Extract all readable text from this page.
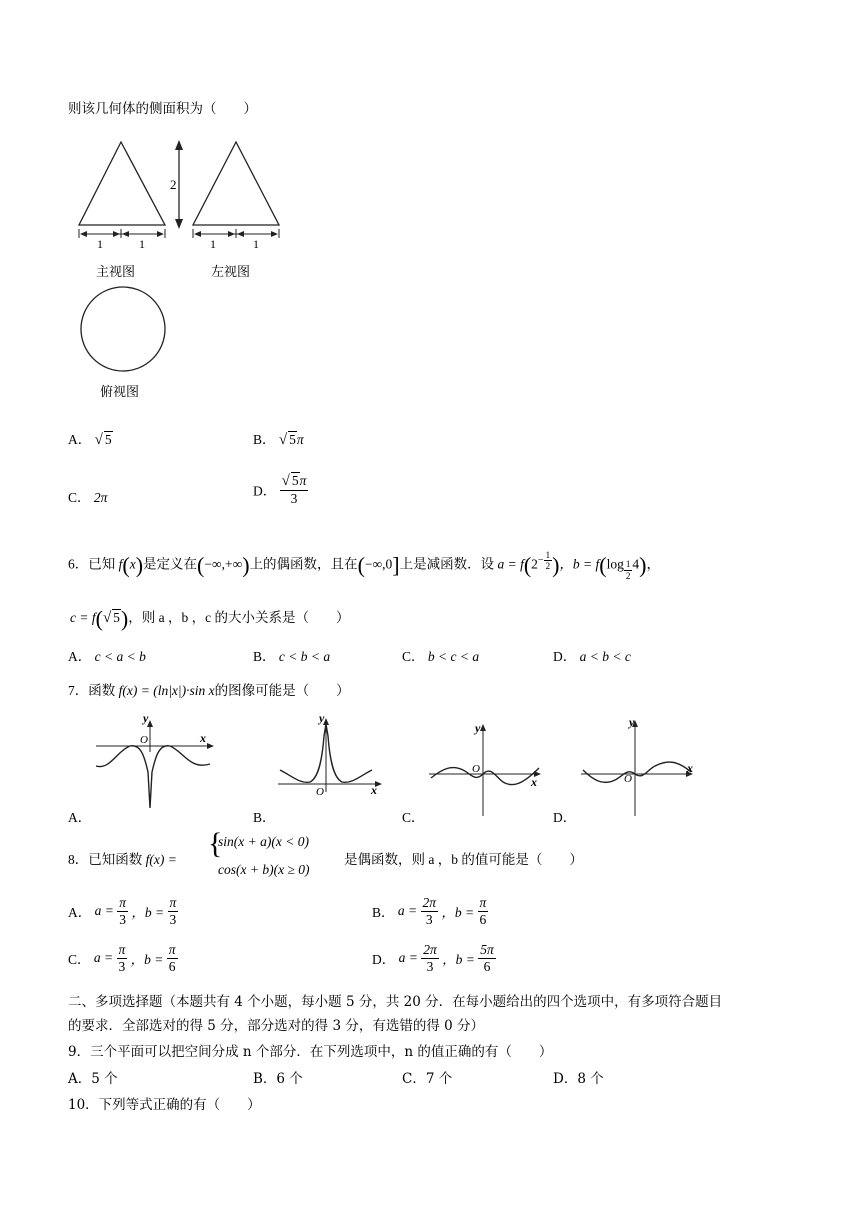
则该几何体的侧面积为（　　）
2
1	1	1	1
主视图	左视图
俯视图
A． √ 5	B． √ 5π
C． 2π	D． $\frac{√ 5\pi}{3}$
6．已知 f(x)是定义在(−∞,+∞)上的偶函数，且在(−∞,0]上是减函数．设 $a = f(2^{- \frac{1}{2}}$ )，b = f(log $_{\frac{1}{2}}$ 4)，
c = f(√ 5)，则 a ，b ，c 的大小关系是（　　）
A． c < a < b	B． c < b < a	C． b < c < a	D． a < b < c
7．函数 f(x) = (ln|x|)·sin x的图像可能是（　　）
y
O	x
y
O	x
y
O
x
y
O
x
A．	B．	C．	D．
8．已知函数 f(x) = {
sin(x + a)(x < 0)
cos(x + b)(x ≥ 0)
是偶函数，则 a ，b 的值可能是（　　）
A． $a = \frac{\pi}{3}$ ，$b = \frac{\pi}{3}$	B． $a = \frac{2\pi}{3}$ ，$b = \frac{\pi}{6}$
C． $a = \frac{\pi}{3}$ ，$b = \frac{\pi}{6}$	D． $a = \frac{2\pi}{3}$ ，$b = \frac{5\pi}{6}$
二、多项选择题（本题共有 4 个小题，每小题 5 分，共 20 分．在每小题给出的四个选项中，有多项符合题目
的要求．全部选对的得 5 分，部分选对的得 3 分，有选错的得 0 分）
9．三个平面可以把空间分成 n 个部分．在下列选项中，n 的值正确的有（　　）
A．5 个	B．6 个	C．7 个	D．8 个
10．下列等式正确的有（　　）
